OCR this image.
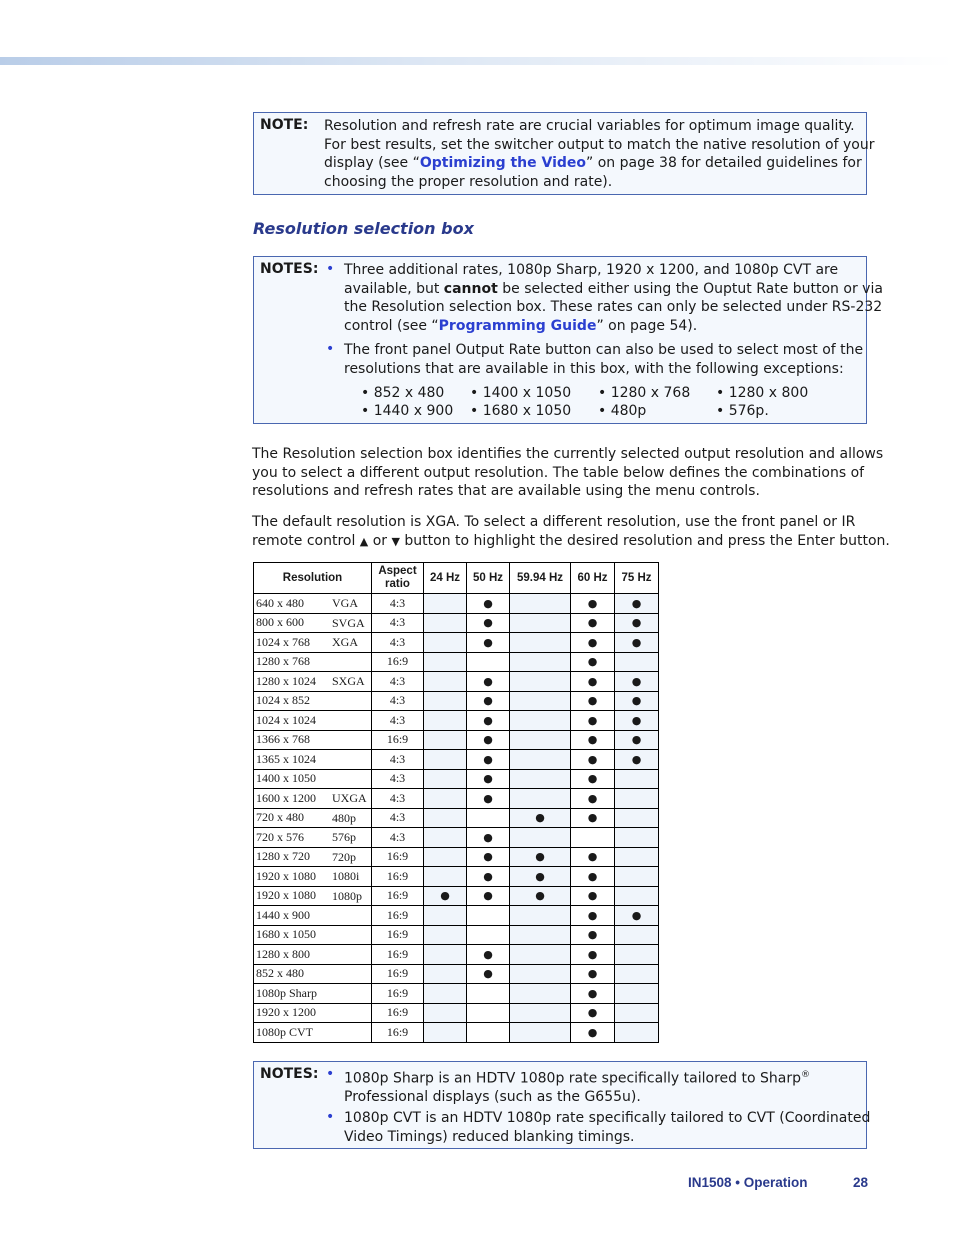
NOTE: Resolution and refresh rate are crucial variables for optimum image quality.
For best results, set the switcher output to match the native resolution of your
display (see “Optimizing the Video” on page 38 for detailed guidelines for
choosing the proper resolution and rate).
Resolution selection box
NOTES: • Three additional rates, 1080p Sharp, 1920 x 1200, and 1080p CVT are
available, but cannot be selected either using the Ouptut Rate button or via
the Resolution selection box. These rates can only be selected under RS-232
control (see “Programming Guide” on page 54).
• The front panel Output Rate button can also be used to select most of the
resolutions that are available in this box, with the following exceptions:
• 852 x 480 • 1400 x 1050 • 1280 x 768 • 1280 x 800
• 1440 x 900 • 1680 x 1050 • 480p	• 576p.
The Resolution selection box identifies the currently selected output resolution and allows
you to select a different output resolution. The table below defines the combinations of
resolutions and refresh rates that are available using the menu controls.
The default resolution is XGA. To select a different resolution, use the front panel or IR
remote control ▲ or ▼ button to highlight the desired resolution and press the Enter button.
Resolution	Aspect ratio	24 Hz	50 Hz	59.94 Hz	60 Hz	75 Hz
640 x 480 VGA	4:3		●		●	●
800 x 600 SVGA	4:3		●		●	●
1024 x 768 XGA	4:3		●		●	●
1280 x 768	16:9				●	
1280 x 1024 SXGA	4:3		●		●	●
1024 x 852	4:3		●		●	●
1024 x 1024	4:3		●		●	●
1366 x 768	16:9		●		●	●
1365 x 1024	4:3		●		●	●
1400 x 1050	4:3		●		●	
1600 x 1200 UXGA	4:3		●		●	
720 x 480 480p	4:3			●	●	
720 x 576 576p	4:3		●			
1280 x 720 720p	16:9		●	●	●	
1920 x 1080 1080i	16:9		●	●	●	
1920 x 1080 1080p	16:9	●	●	●	●	
1440 x 900	16:9				●	●
1680 x 1050	16:9				●	
1280 x 800	16:9		●		●	
852 x 480	16:9		●		●	
1080p Sharp	16:9				●	
1920 x 1200	16:9				●	
1080p CVT	16:9				●	
NOTES: • 1080p Sharp is an HDTV 1080p rate specifically tailored to Sharp®
Professional displays (such as the G655u).
• 1080p CVT is an HDTV 1080p rate specifically tailored to CVT (Coordinated
Video Timings) reduced blanking timings.
IN1508 • Operation	28
